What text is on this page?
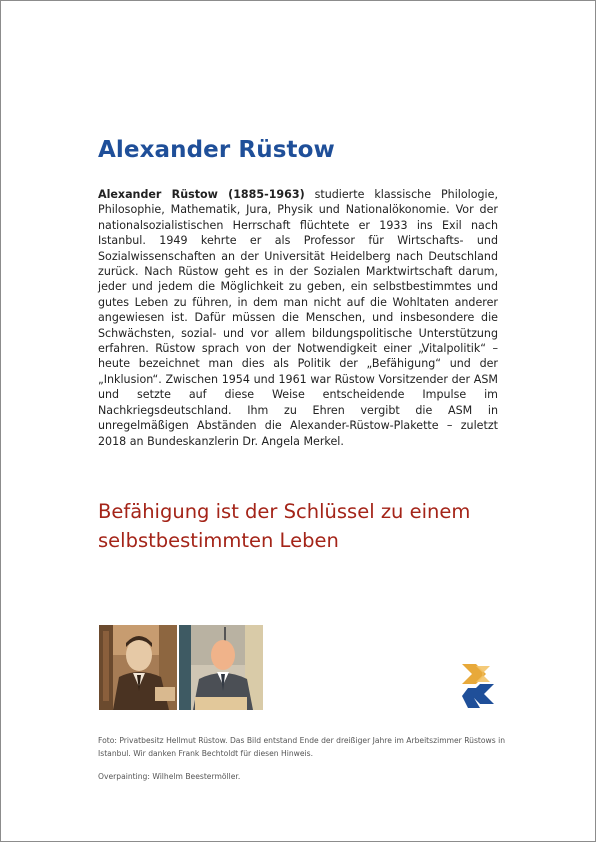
Alexander Rüstow

Alexander Rüstow (1885-1963) studierte klassische Philologie, Philosophie, Mathematik, Jura, Physik und Nationalökonomie. Vor der nationalsozialistischen Herrschaft flüchtete er 1933 ins Exil nach Istanbul. 1949 kehrte er als Professor für Wirtschafts- und Sozialwissenschaften an der Universität Heidelberg nach Deutschland zurück. Nach Rüstow geht es in der Sozialen Marktwirtschaft darum, jeder und jedem die Möglichkeit zu geben, ein selbstbestimmtes und gutes Leben zu führen, in dem man nicht auf die Wohltaten anderer angewiesen ist. Dafür müssen die Menschen, und insbesondere die Schwächsten, sozial- und vor allem bildungspolitische Unterstützung erfahren. Rüstow sprach von der Notwendigkeit einer „Vitalpolitik“ – heute bezeichnet man dies als Politik der „Befähigung“ und der „Inklusion“. Zwischen 1954 und 1961 war Rüstow Vorsitzender der ASM und setzte auf diese Weise entscheidende Impulse im Nachkriegsdeutschland. Ihm zu Ehren vergibt die ASM in unregelmäßigen Abständen die Alexander-Rüstow-Plakette – zuletzt 2018 an Bundeskanzlerin Dr. Angela Merkel.

Befähigung ist der Schlüssel zu einem selbstbestimmten Leben

Foto: Privatbesitz Hellmut Rüstow. Das Bild entstand Ende der dreißiger Jahre im Arbeitszimmer Rüstows in Istanbul. Wir danken Frank Bechtoldt für diesen Hinweis.

Overpainting: Wilhelm Beestermöller.
